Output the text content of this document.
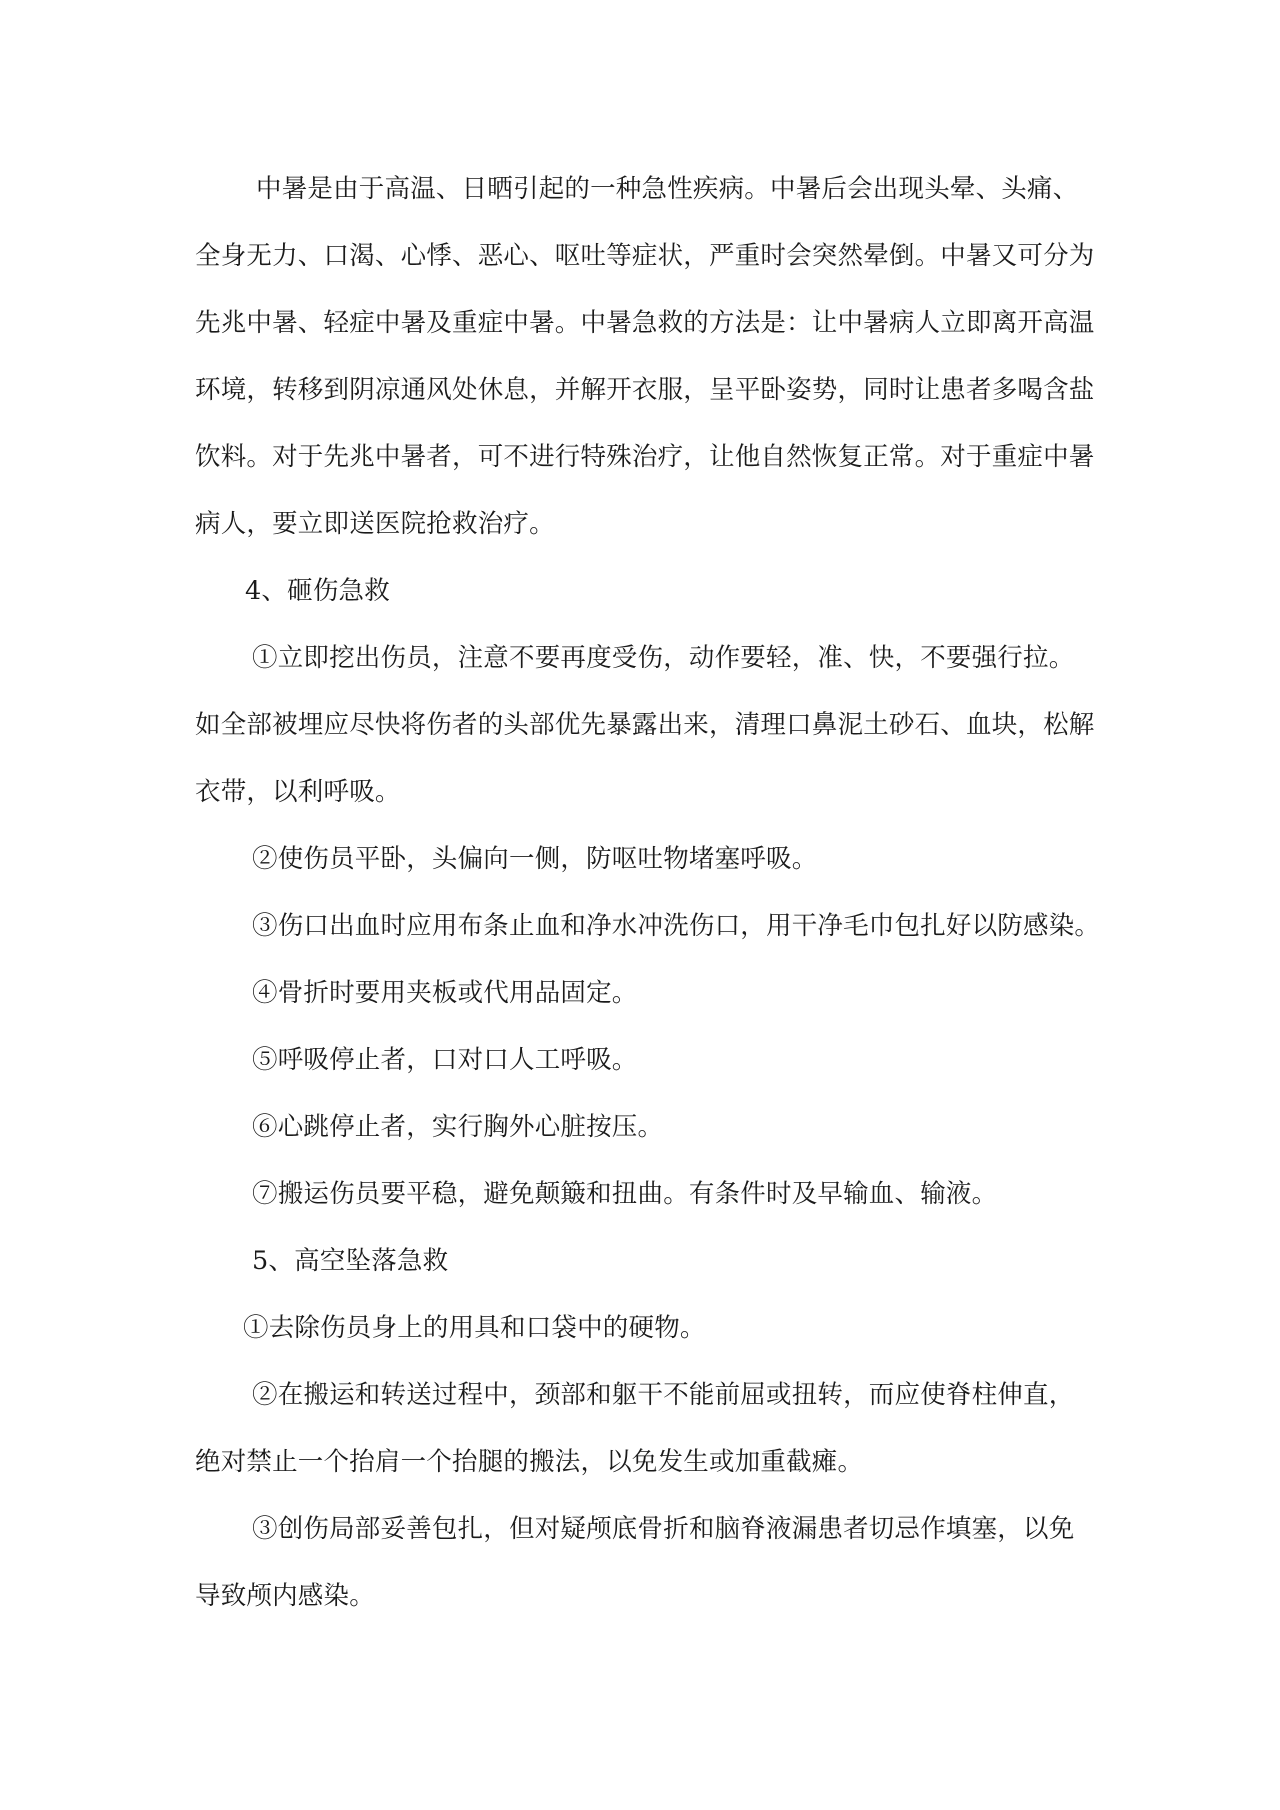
中暑是由于高温、日晒引起的一种急性疾病。中暑后会出现头晕、头痛、
全身无力、口渴、心悸、恶心、呕吐等症状，严重时会突然晕倒。中暑又可分为
先兆中暑、轻症中暑及重症中暑。中暑急救的方法是：让中暑病人立即离开高温
环境，转移到阴凉通风处休息，并解开衣服，呈平卧姿势，同时让患者多喝含盐
饮料。对于先兆中暑者，可不进行特殊治疗，让他自然恢复正常。对于重症中暑
病人，要立即送医院抢救治疗。
4、砸伤急救
①立即挖出伤员，注意不要再度受伤，动作要轻，准、快，不要强行拉。
如全部被埋应尽快将伤者的头部优先暴露出来，清理口鼻泥土砂石、血块，松解
衣带，以利呼吸。
②使伤员平卧，头偏向一侧，防呕吐物堵塞呼吸。
③伤口出血时应用布条止血和净水冲洗伤口，用干净毛巾包扎好以防感染。
④骨折时要用夹板或代用品固定。
⑤呼吸停止者，口对口人工呼吸。
⑥心跳停止者，实行胸外心脏按压。
⑦搬运伤员要平稳，避免颠簸和扭曲。有条件时及早输血、输液。
5、高空坠落急救
①去除伤员身上的用具和口袋中的硬物。
②在搬运和转送过程中，颈部和躯干不能前屈或扭转，而应使脊柱伸直，
绝对禁止一个抬肩一个抬腿的搬法，以免发生或加重截瘫。
③创伤局部妥善包扎，但对疑颅底骨折和脑脊液漏患者切忌作填塞，以免
导致颅内感染。
